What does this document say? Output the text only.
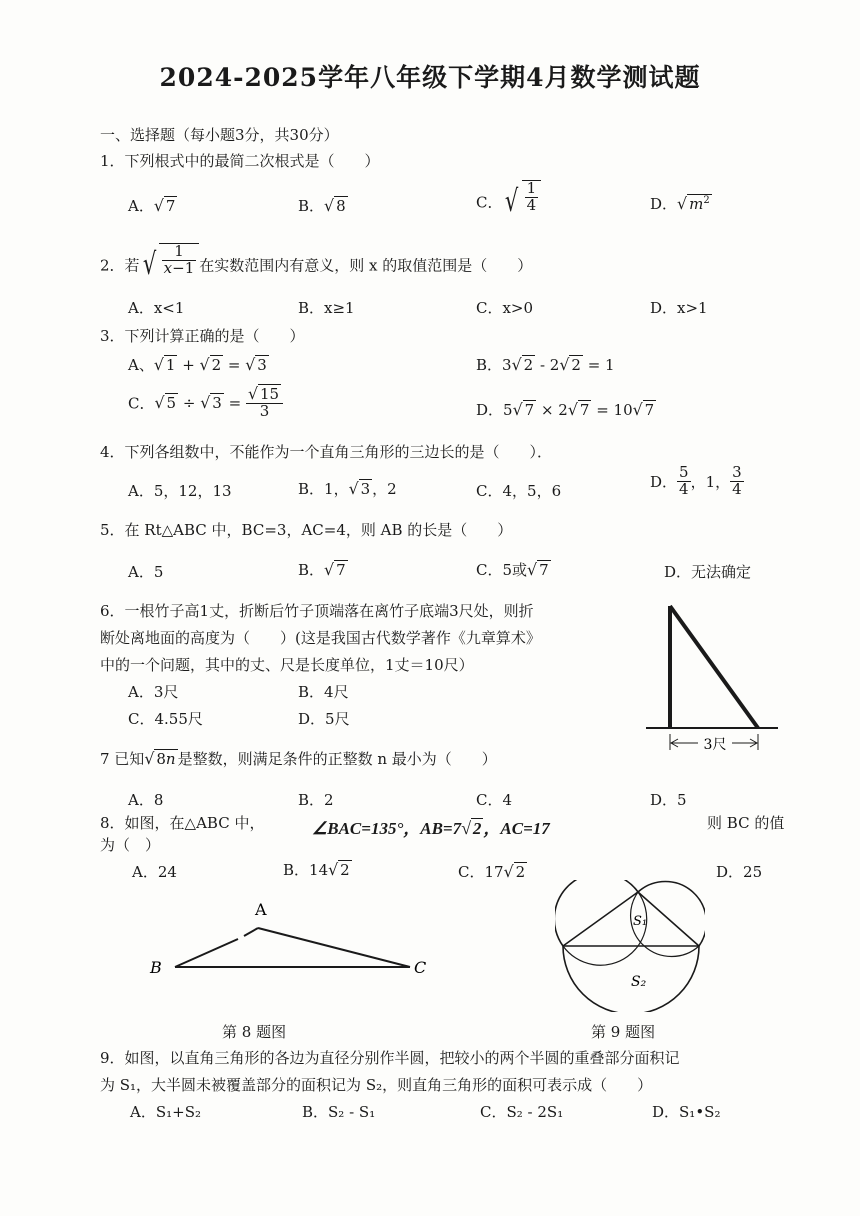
2024-2025学年八年级下学期4月数学测试题
一、选择题（每小题3分，共30分）
1．下列根式中的最简二次根式是（　　）
A．√ 7	B．√ 8	C． √ $\frac{1}{4}$	D．√ $m^2$
2．若 √ $\frac{1}{x-1}$ 在实数范围内有意义，则 x 的取值范围是（　　）
A．x<1	B．x≥1	C．x>0	D．x>1
3．下列计算正确的是（　　）
A、√ 1 + √ 2 = √ 3	B．3√ 2 - 2√ 2 = 1
C．√ 5 ÷ √ $3 = \frac{√ 15}{3}$	D．5√ 7 × 2√ 7 = 10√ 7
4．下列各组数中，不能作为一个直角三角形的三边长的是（　　）．
A．5，12，13	B．1，√ 3 ，2	C．4，5，6
D． $\frac{5}{4}$ ，1， $\frac{3}{4}$
5．在 Rt△ABC 中，BC=3，AC=4，则 AB 的长是（　　）
A．5	B．√ 7	C．5或√ 7	D．无法确定
6．一根竹子高1丈，折断后竹子顶端落在离竹子底端3尺处，则折
断处离地面的高度为（　　）(这是我国古代数学著作《九章算术》
中的一个问题，其中的丈、尺是长度单位，1丈＝10尺）
A．3尺	B．4尺
C．4.55尺	D．5尺
3尺
7 已知√ 8n 是整数，则满足条件的正整数 n 最小为（　　）
A．8	B．2	C．4	D．5
8．如图，在△ABC 中，	∠BAC=135°，AB=7√ 2 ，AC=17	则 BC 的值
为（　）
A．24	B．14√ 2	C．17√ 2	D．25
A
B	C
第 8 题图
S₁
S₂
第 9 题图
9．如图，以直角三角形的各边为直径分别作半圆，把较小的两个半圆的重叠部分面积记
为 S₁，大半圆未被覆盖部分的面积记为 S₂，则直角三角形的面积可表示成（　　）
A．S₁+S₂	B．S₂ - S₁	C．S₂ - 2S₁	D．S₁•S₂
